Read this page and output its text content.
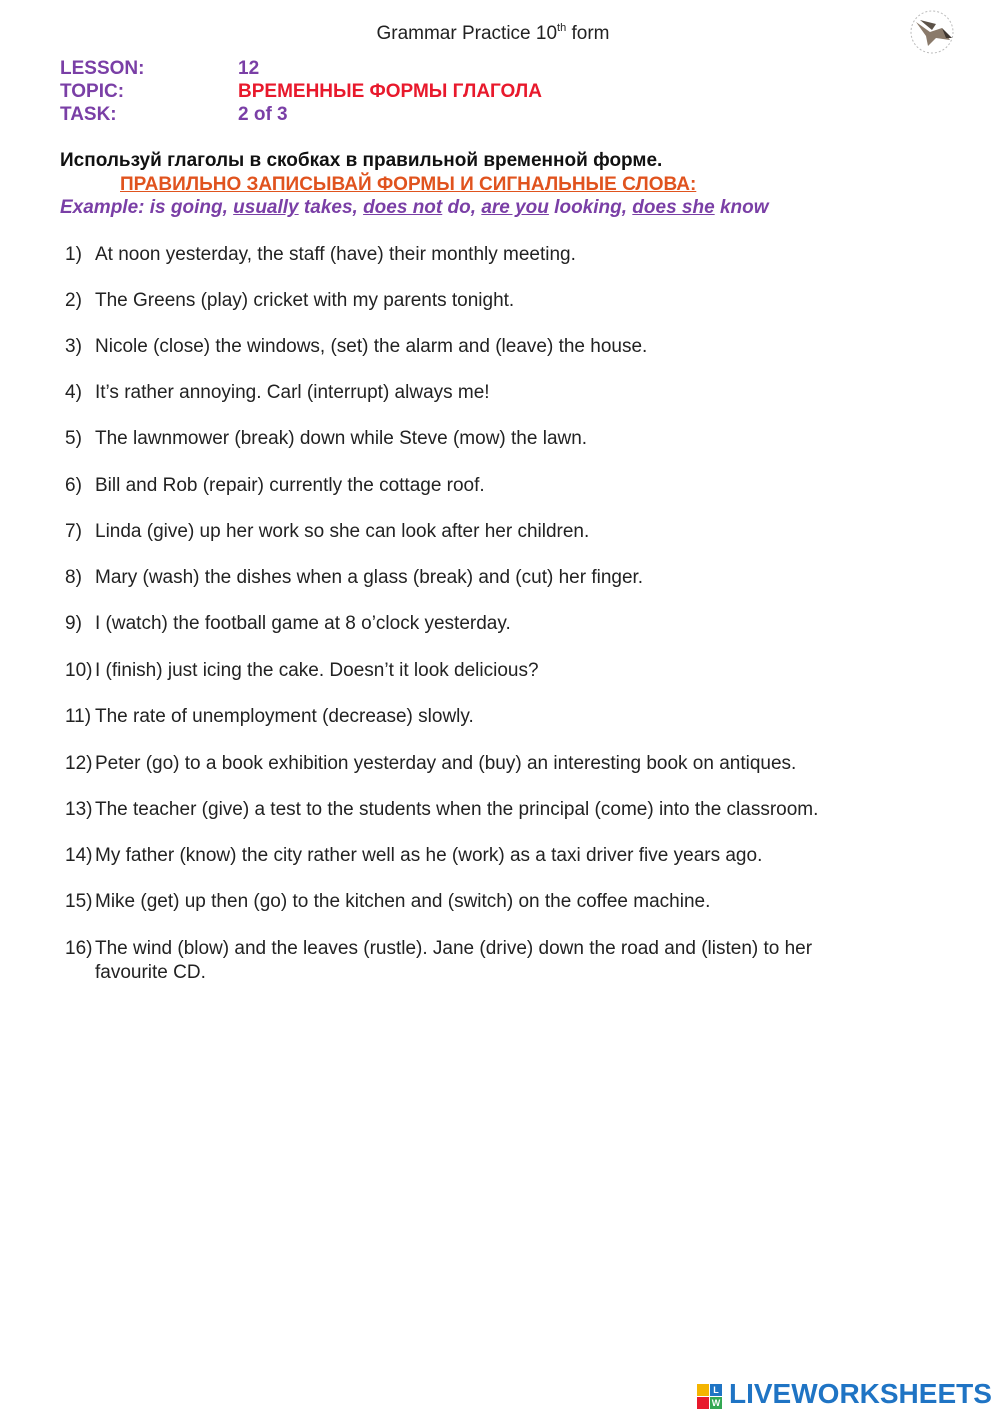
Grammar Practice 10th form
LESSON:	12
TOPIC:	ВРЕМЕННЫЕ ФОРМЫ ГЛАГОЛА
TASK:	2 of 3
Используй глаголы в скобках в правильной временной форме.
ПРАВИЛЬНО ЗАПИСЫВАЙ ФОРМЫ И СИГНАЛЬНЫЕ СЛОВА:
Example: is going, usually takes, does not do, are you looking, does she know
1) At noon yesterday, the staff (have) their monthly meeting.
2) The Greens (play) cricket with my parents tonight.
3) Nicole (close) the windows, (set) the alarm and (leave) the house.
4) It’s rather annoying. Carl (interrupt) always me!
5) The lawnmower (break) down while Steve (mow) the lawn.
6) Bill and Rob (repair) currently the cottage roof.
7) Linda (give) up her work so she can look after her children.
8) Mary (wash) the dishes when a glass (break) and (cut) her finger.
9) I (watch) the football game at 8 o’clock yesterday.
10) I (finish) just icing the cake. Doesn’t it look delicious?
11) The rate of unemployment (decrease) slowly.
12) Peter (go) to a book exhibition yesterday and (buy) an interesting book on antiques.
13) The teacher (give) a test to the students when the principal (come) into the classroom.
14) My father (know) the city rather well as he (work) as a taxi driver five years ago.
15) Mike (get) up then (go) to the kitchen and (switch) on the coffee machine.
16) The wind (blow) and the leaves (rustle). Jane (drive) down the road and (listen) to her favourite CD.
L
W LIVEWORKSHEETS
